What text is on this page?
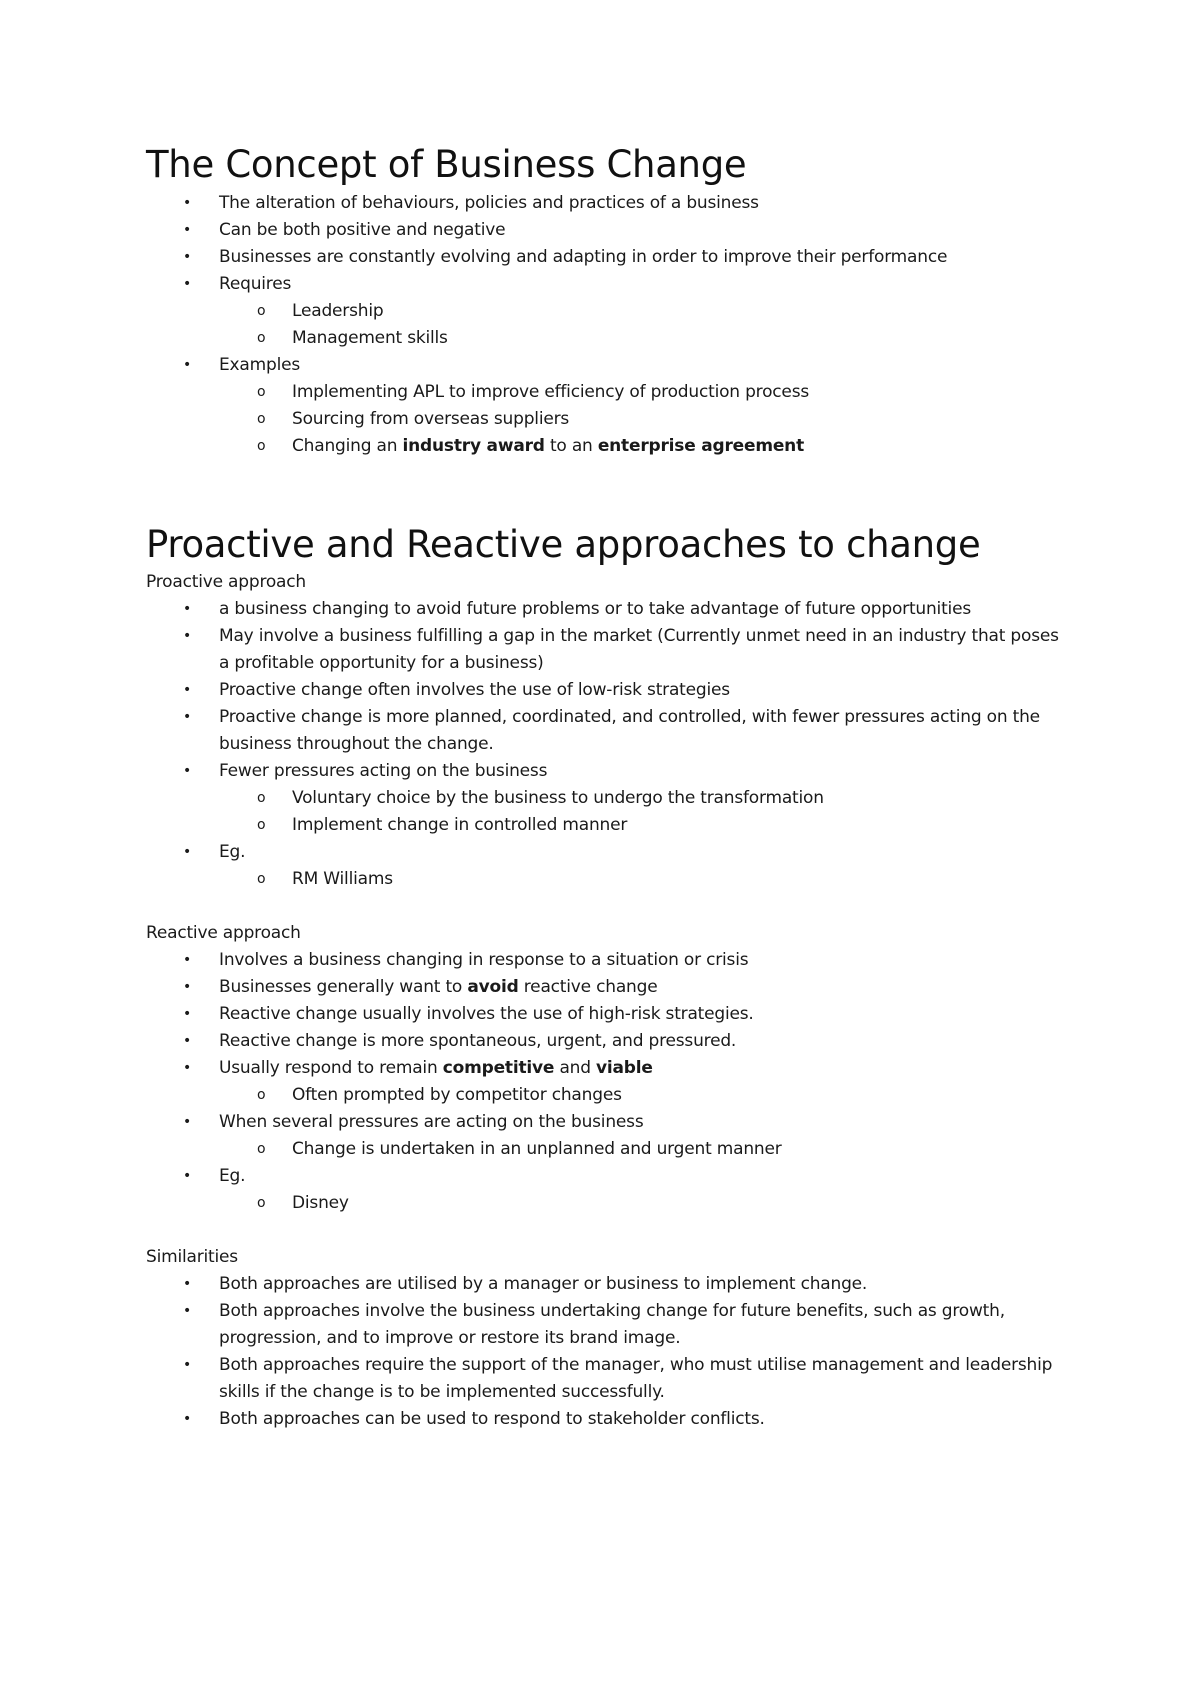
The Concept of Business Change
• The alteration of behaviours, policies and practices of a business
• Can be both positive and negative
• Businesses are constantly evolving and adapting in order to improve their performance
• Requires
o Leadership
o Management skills
• Examples
o Implementing APL to improve efficiency of production process
o Sourcing from overseas suppliers
o Changing an industry award to an enterprise agreement
Proactive and Reactive approaches to change
Proactive approach
• a business changing to avoid future problems or to take advantage of future opportunities
• May involve a business fulfilling a gap in the market (Currently unmet need in an industry that poses a profitable opportunity for a business)
• Proactive change often involves the use of low-risk strategies
• Proactive change is more planned, coordinated, and controlled, with fewer pressures acting on the business throughout the change.
• Fewer pressures acting on the business
o Voluntary choice by the business to undergo the transformation
o Implement change in controlled manner
• Eg.
o RM Williams
Reactive approach
• Involves a business changing in response to a situation or crisis
• Businesses generally want to avoid reactive change
• Reactive change usually involves the use of high-risk strategies.
• Reactive change is more spontaneous, urgent, and pressured.
• Usually respond to remain competitive and viable
o Often prompted by competitor changes
• When several pressures are acting on the business
o Change is undertaken in an unplanned and urgent manner
• Eg.
o Disney
Similarities
• Both approaches are utilised by a manager or business to implement change.
• Both approaches involve the business undertaking change for future benefits, such as growth, progression, and to improve or restore its brand image.
• Both approaches require the support of the manager, who must utilise management and leadership skills if the change is to be implemented successfully.
• Both approaches can be used to respond to stakeholder conflicts.
